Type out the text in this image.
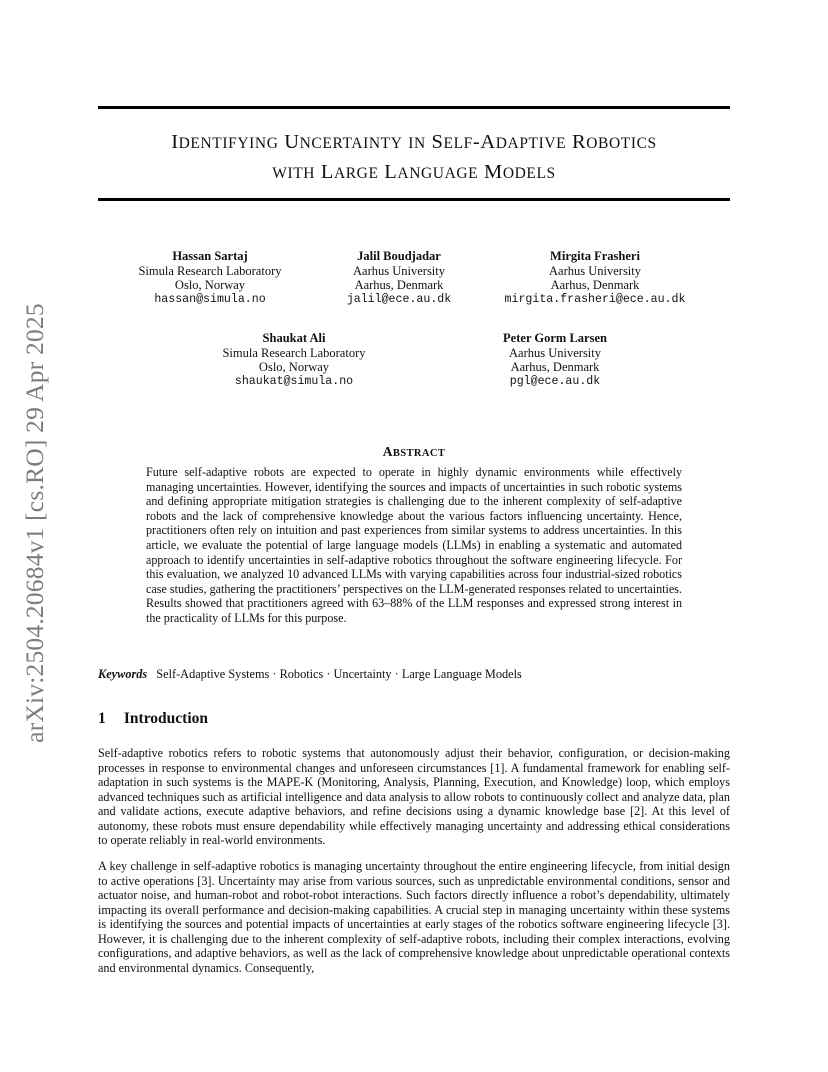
arXiv:2504.20684v1 [cs.RO] 29 Apr 2025
IDENTIFYING UNCERTAINTY IN SELF-ADAPTIVE ROBOTICS
WITH LARGE LANGUAGE MODELS
Hassan Sartaj
Simula Research Laboratory
Oslo, Norway
hassan@simula.no
Jalil Boudjadar
Aarhus University
Aarhus, Denmark
jalil@ece.au.dk
Mirgita Frasheri
Aarhus University
Aarhus, Denmark
mirgita.frasheri@ece.au.dk
Shaukat Ali
Simula Research Laboratory
Oslo, Norway
shaukat@simula.no
Peter Gorm Larsen
Aarhus University
Aarhus, Denmark
pgl@ece.au.dk
ABSTRACT

Future self-adaptive robots are expected to operate in highly dynamic environments while effectively managing uncertainties. However, identifying the sources and impacts of uncertainties in such robotic systems and defining appropriate mitigation strategies is challenging due to the inherent complexity of self-adaptive robots and the lack of comprehensive knowledge about the various factors influencing uncertainty. Hence, practitioners often rely on intuition and past experiences from similar systems to address uncertainties. In this article, we evaluate the potential of large language models (LLMs) in enabling a systematic and automated approach to identify uncertainties in self-adaptive robotics throughout the software engineering lifecycle. For this evaluation, we analyzed 10 advanced LLMs with varying capabilities across four industrial-sized robotics case studies, gathering the practitioners’ perspectives on the LLM-generated responses related to uncertainties. Results showed that practitioners agreed with 63–88% of the LLM responses and expressed strong interest in the practicality of LLMs for this purpose.

Keywords Self-Adaptive Systems · Robotics · Uncertainty · Large Language Models
1 Introduction

Self-adaptive robotics refers to robotic systems that autonomously adjust their behavior, configuration, or decision-making processes in response to environmental changes and unforeseen circumstances [1]. A fundamental framework for enabling self-adaptation in such systems is the MAPE-K (Monitoring, Analysis, Planning, Execution, and Knowledge) loop, which employs advanced techniques such as artificial intelligence and data analysis to allow robots to continuously collect and analyze data, plan and validate actions, execute adaptive behaviors, and refine decisions using a dynamic knowledge base [2]. At this level of autonomy, these robots must ensure dependability while effectively managing uncertainty and addressing ethical considerations to operate reliably in real-world environments.

A key challenge in self-adaptive robotics is managing uncertainty throughout the entire engineering lifecycle, from initial design to active operations [3]. Uncertainty may arise from various sources, such as unpredictable environmental conditions, sensor and actuator noise, and human-robot and robot-robot interactions. Such factors directly influence a robot’s dependability, ultimately impacting its overall performance and decision-making capabilities. A crucial step in managing uncertainty within these systems is identifying the sources and potential impacts of uncertainties at early stages of the robotics software engineering lifecycle [3]. However, it is challenging due to the inherent complexity of self-adaptive robots, including their complex interactions, evolving configurations, and adaptive behaviors, as well as the lack of comprehensive knowledge about unpredictable operational contexts and environmental dynamics. Consequently,
